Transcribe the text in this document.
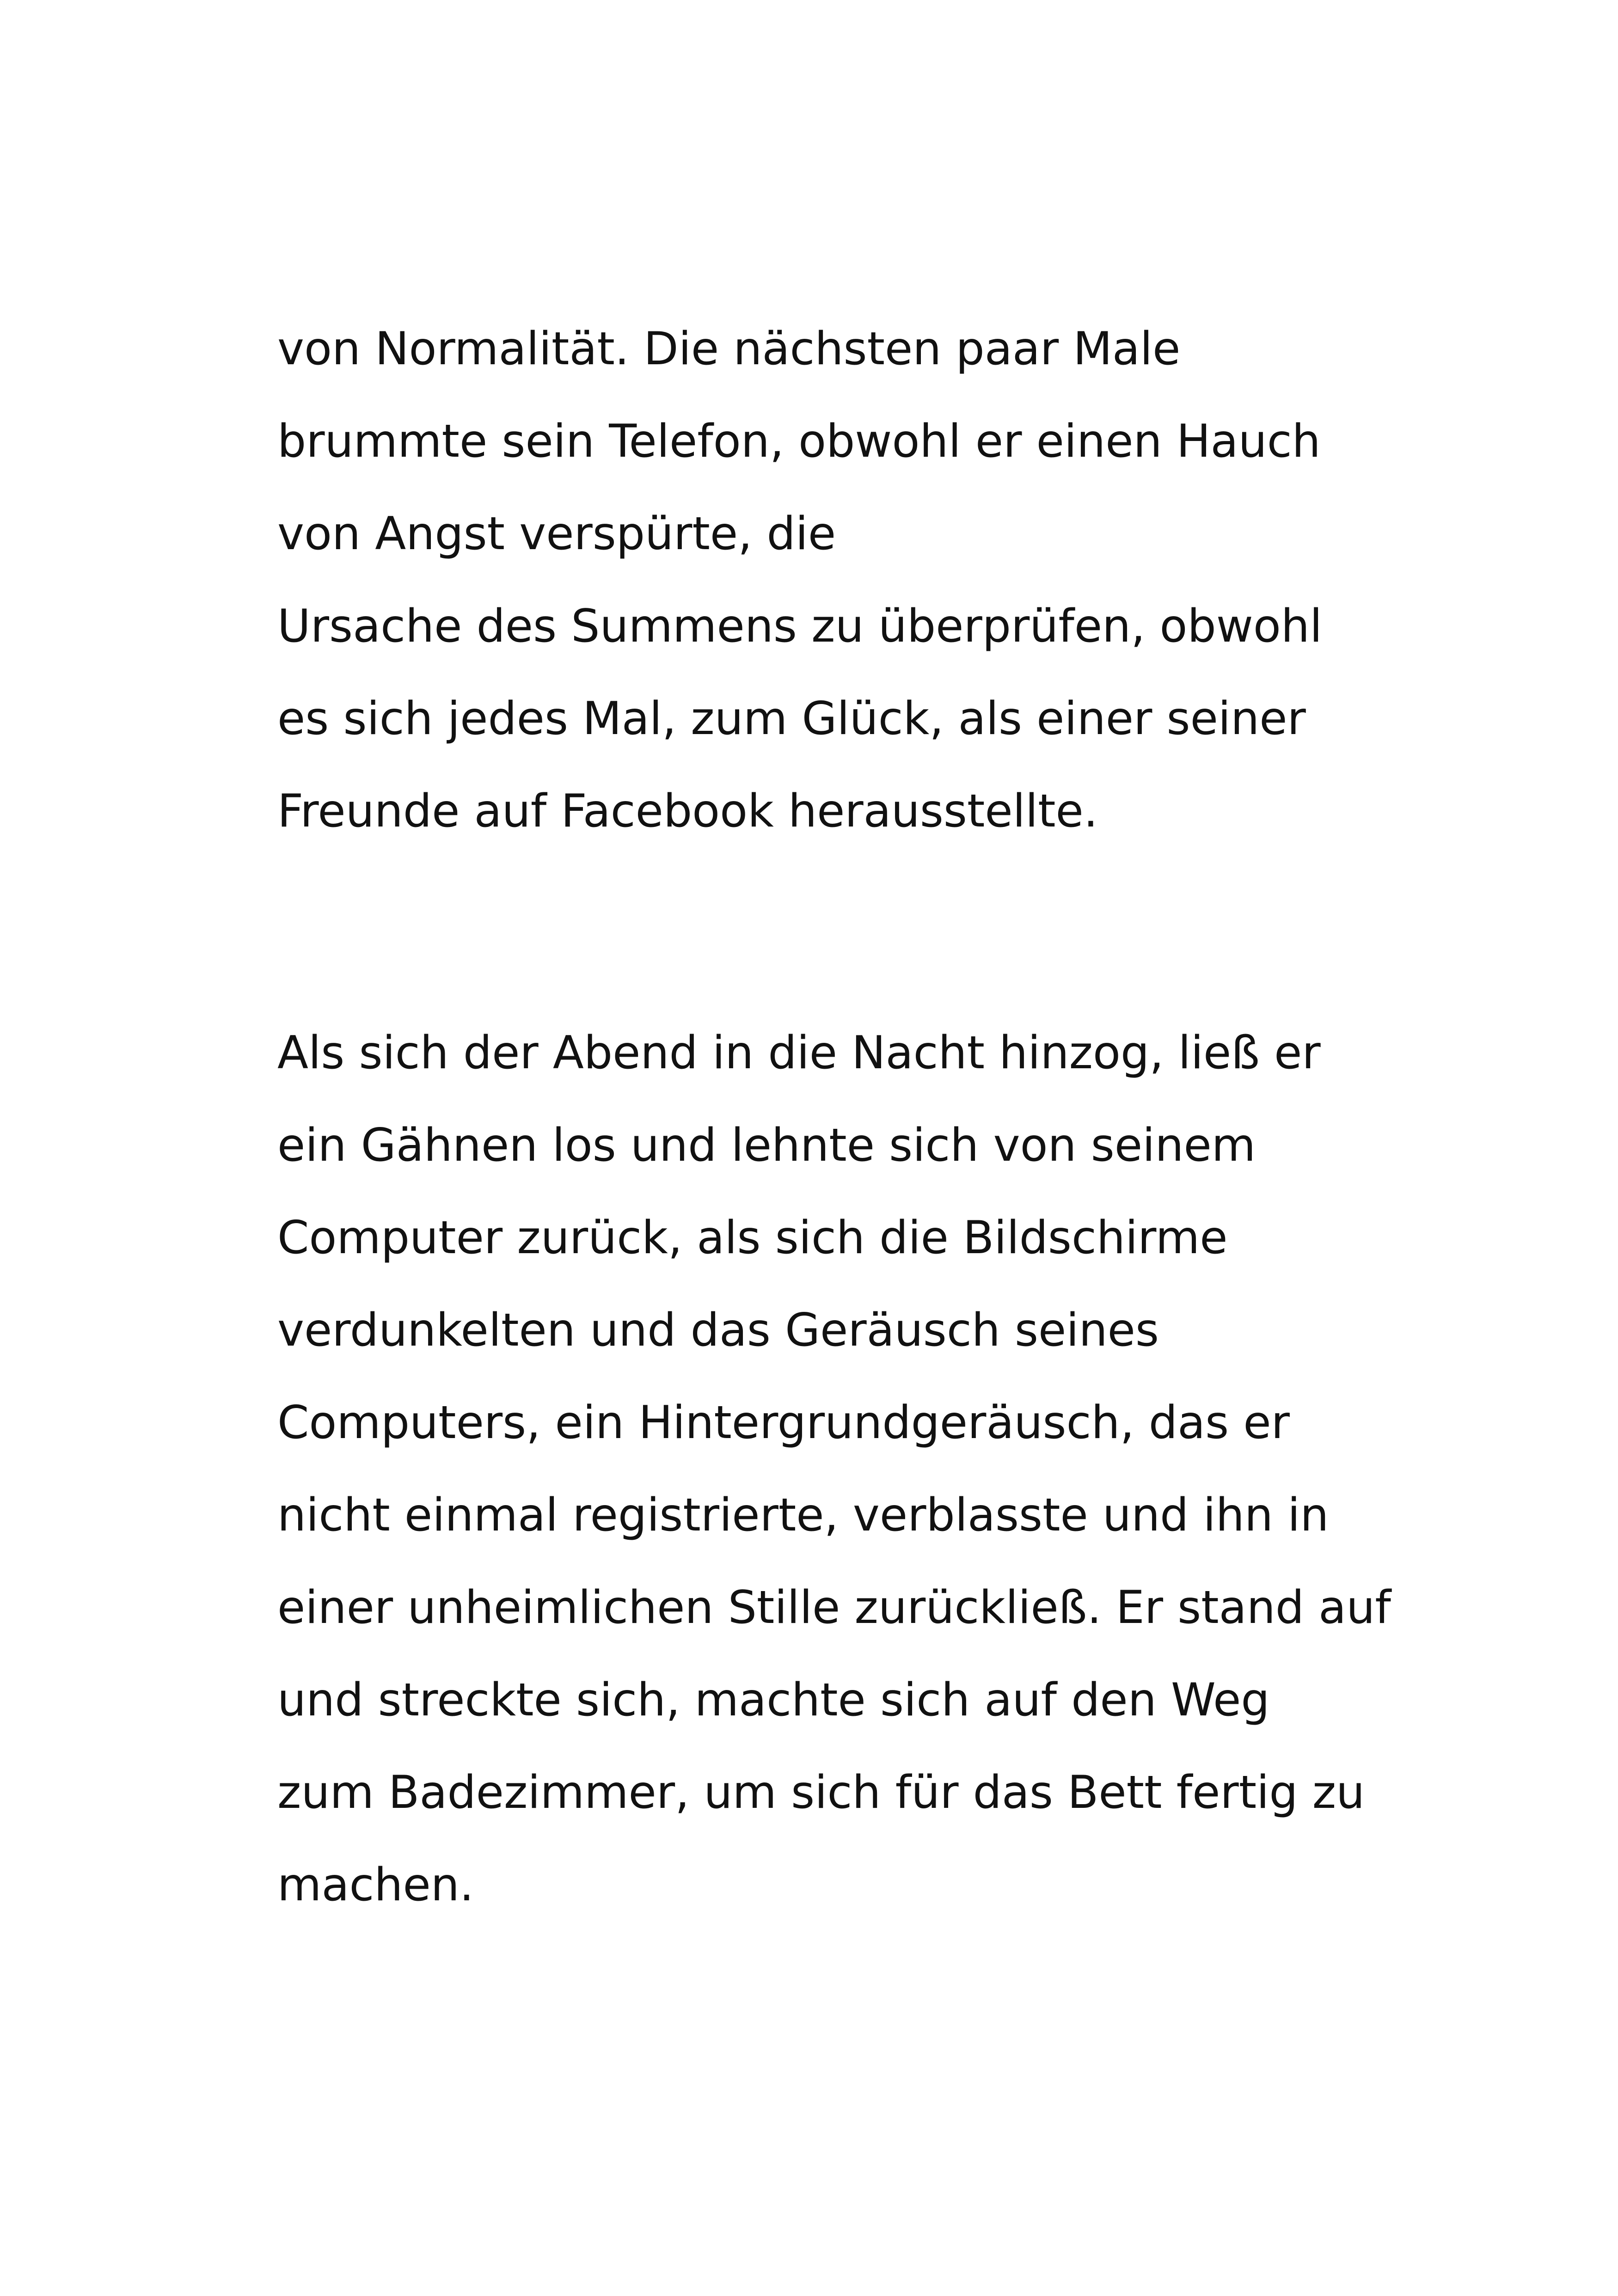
von Normalität. Die nächsten paar Male
brummte sein Telefon, obwohl er einen Hauch
von Angst verspürte, die
Ursache des Summens zu überprüfen, obwohl
es sich jedes Mal, zum Glück, als einer seiner
Freunde auf Facebook herausstellte.
Als sich der Abend in die Nacht hinzog, ließ er
ein Gähnen los und lehnte sich von seinem
Computer zurück, als sich die Bildschirme
verdunkelten und das Geräusch seines
Computers, ein Hintergrundgeräusch, das er
nicht einmal registrierte, verblasste und ihn in
einer unheimlichen Stille zurückließ. Er stand auf
und streckte sich, machte sich auf den Weg
zum Badezimmer, um sich für das Bett fertig zu
machen.
